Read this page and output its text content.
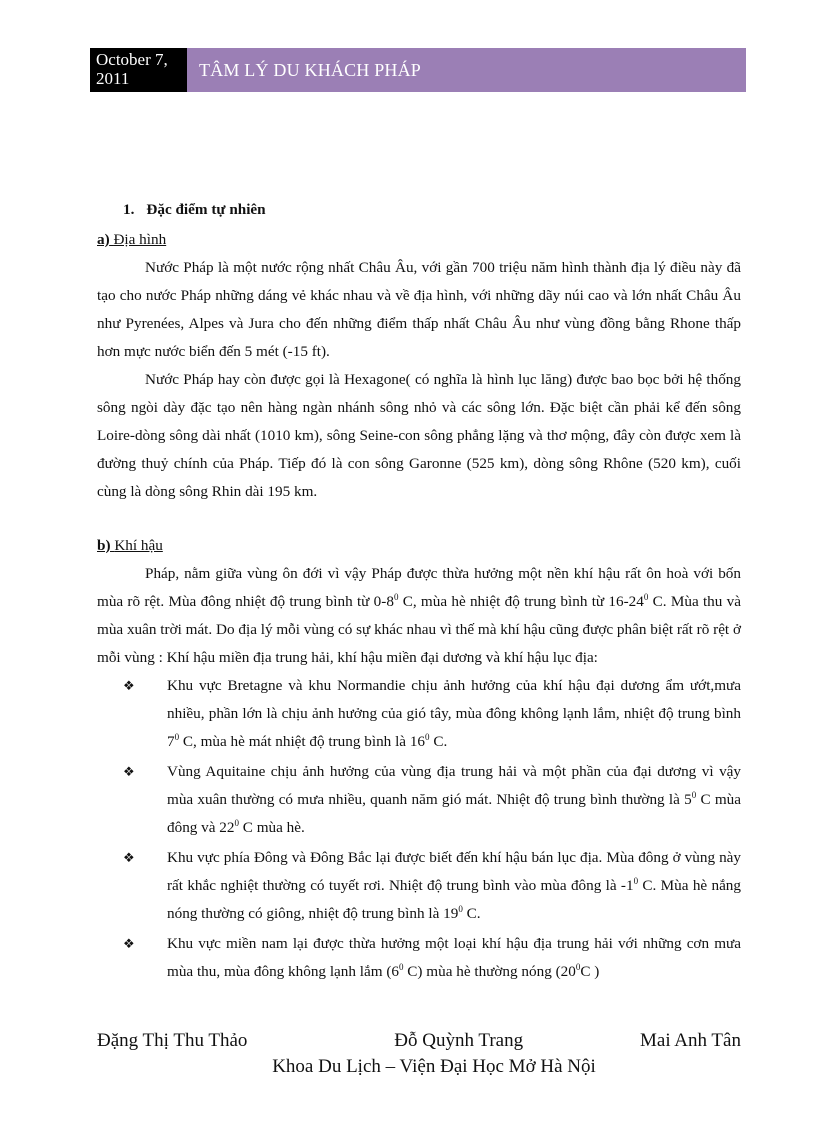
October 7, 2011	TÂM LÝ DU KHÁCH PHÁP
1. Đặc điểm tự nhiên
a) Địa hình

Nước Pháp là một nước rộng nhất Châu Âu, với gần 700 triệu năm hình thành địa lý điều này đã tạo cho nước Pháp những dáng vẻ khác nhau và về địa hình, với những dãy núi cao và lớn nhất Châu Âu như Pyrenées, Alpes và Jura cho đến những điểm thấp nhất Châu Âu như vùng đồng bằng Rhone thấp hơn mực nước biển đến 5 mét (-15 ft).

Nước Pháp hay còn được gọi là Hexagone( có nghĩa là hình lục lăng) được bao bọc bởi hệ thống sông ngòi dày đặc tạo nên hàng ngàn nhánh sông nhỏ và các sông lớn. Đặc biệt cần phải kể đến sông Loire-dòng sông dài nhất (1010 km), sông Seine-con sông phẳng lặng và thơ mộng, đây còn được xem là đường thuỷ chính của Pháp. Tiếp đó là con sông Garonne (525 km), dòng sông Rhône (520 km), cuối cùng là dòng sông Rhin dài 195 km.

b) Khí hậu

Pháp, nằm giữa vùng ôn đới vì vậy Pháp được thừa hưởng một nền khí hậu rất ôn hoà với bốn mùa rõ rệt. Mùa đông nhiệt độ trung bình từ $0-8^0$ C, mùa hè nhiệt độ trung bình từ $16-24^0$ C. Mùa thu và mùa xuân trời mát. Do địa lý mỗi vùng có sự khác nhau vì thế mà khí hậu cũng được phân biệt rất rõ rệt ở mỗi vùng : Khí hậu miền địa trung hải, khí hậu miền đại dương và khí hậu lục địa:

❖ Khu vực Bretagne và khu Normandie chịu ảnh hưởng của khí hậu đại dương ẩm ướt,mưa nhiều, phần lớn là chịu ảnh hưởng của gió tây, mùa đông không lạnh lắm, nhiệt độ trung bình $7^0$ C, mùa hè mát nhiệt độ trung bình là $16^0$ C.
❖ Vùng Aquitaine chịu ảnh hưởng của vùng địa trung hải và một phần của đại dương vì vậy mùa xuân thường có mưa nhiều, quanh năm gió mát. Nhiệt độ trung bình thường là $5^0$ C mùa đông và $22^0$ C mùa hè.
❖ Khu vực phía Đông và Đông Bắc lại được biết đến khí hậu bán lục địa. Mùa đông ở vùng này rất khắc nghiệt thường có tuyết rơi. Nhiệt độ trung bình vào mùa đông là $-1^0$ C. Mùa hè nắng nóng thường có giông, nhiệt độ trung bình là $19^0$ C.
❖ Khu vực miền nam lại được thừa hưởng một loại khí hậu địa trung hải với những cơn mưa mùa thu, mùa đông không lạnh lắm ($6^0$ C) mùa hè thường nóng ($20^0C$ )
Đặng Thị Thu Thảo	Đỗ Quỳnh Trang	Mai Anh Tân
Khoa Du Lịch – Viện Đại Học Mở Hà Nội
